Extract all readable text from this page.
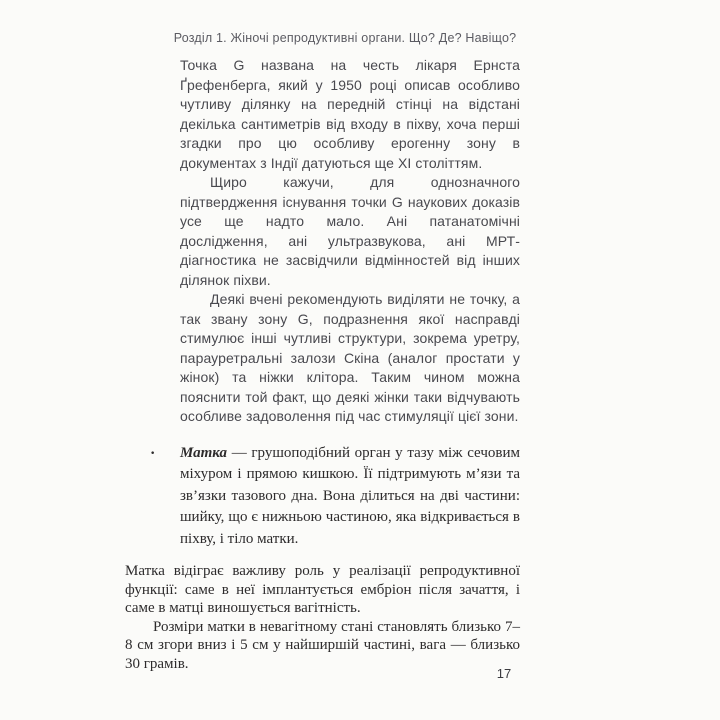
Розділ 1. Жіночі репродуктивні органи. Що? Де? Навіщо?

Точка G названа на честь лікаря Ернста Ґрефенберга, який у 1950 році описав особливо чутливу ділянку на передній стінці на відстані декілька сантиметрів від входу в піхву, хоча перші згадки про цю особливу ерогенну зону в документах з Індії датуються ще XI століттям.

Щиро кажучи, для однозначного підтвердження існування точки G наукових доказів усе ще надто мало. Ані патанатомічні дослідження, ані ультразвукова, ані МРТ-діагностика не засвідчили відмінностей від інших ділянок піхви.

Деякі вчені рекомендують виділяти не точку, а так звану зону G, подразнення якої насправді стимулює інші чутливі структури, зокрема уретру, парауретральні залози Скіна (аналог простати у жінок) та ніжки клітора. Таким чином можна пояснити той факт, що деякі жінки таки відчувають особливе задоволення під час стимуляції цієї зони.

·	Матка — грушоподібний орган у тазу між сечовим міхуром і прямою кишкою. Її підтримують м’язи та зв’язки тазового дна. Вона ділиться на дві частини: шийку, що є нижньою частиною, яка відкривається в піхву, і тіло матки.

Матка відіграє важливу роль у реалізації репродуктивної функції: саме в неї імплантується ембріон після зачаття, і саме в матці виношується вагітність.

Розміри матки в невагітному стані становлять близько 7–8 см згори вниз і 5 см у найширшій частині, вага — близько 30 грамів.

17
